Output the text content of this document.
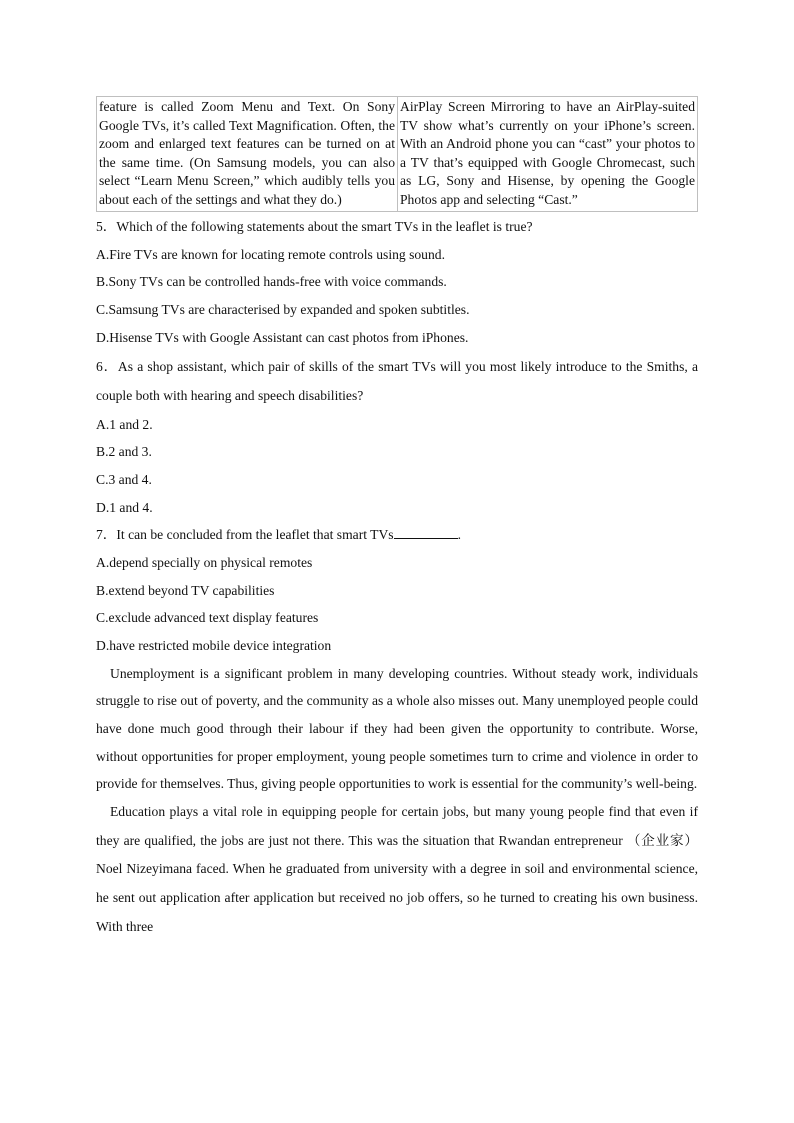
feature is called Zoom Menu and Text. On Sony Google TVs, it’s called Text Magnification. Often, the zoom and enlarged text features can be turned on at the same time. (On Samsung models, you can also select “Learn Menu Screen,” which audibly tells you about each of the settings and what they do.)	AirPlay Screen Mirroring to have an AirPlay-suited TV show what’s currently on your iPhone’s screen. With an Android phone you can “cast” your photos to a TV that’s equipped with Google Chromecast, such as LG, Sony and Hisense, by opening the Google Photos app and selecting “Cast.”

5．Which of the following statements about the smart TVs in the leaflet is true?

A.Fire TVs are known for locating remote controls using sound.

B.Sony TVs can be controlled hands-free with voice commands.

C.Samsung TVs are characterised by expanded and spoken subtitles.

D.Hisense TVs with Google Assistant can cast photos from iPhones.

6．As a shop assistant, which pair of skills of the smart TVs will you most likely introduce to the Smiths, a couple both with hearing and speech disabilities?

A.1 and 2.

B.2 and 3.

C.3 and 4.

D.1 and 4.

7．It can be concluded from the leaflet that smart TVs	.

A.depend specially on physical remotes

B.extend beyond TV capabilities

C.exclude advanced text display features

D.have restricted mobile device integration

Unemployment is a significant problem in many developing countries. Without steady work, individuals struggle to rise out of poverty, and the community as a whole also misses out. Many unemployed people could have done much good through their labour if they had been given the opportunity to contribute. Worse, without opportunities for proper employment, young people sometimes turn to crime and violence in order to provide for themselves. Thus, giving people opportunities to work is essential for the community’s well-being.

Education plays a vital role in equipping people for certain jobs, but many young people find that even if they are qualified, the jobs are just not there. This was the situation that Rwandan entrepreneur （企业家） Noel Nizeyimana faced. When he graduated from university with a degree in soil and environmental science, he sent out application after application but received no job offers, so he turned to creating his own business. With three
